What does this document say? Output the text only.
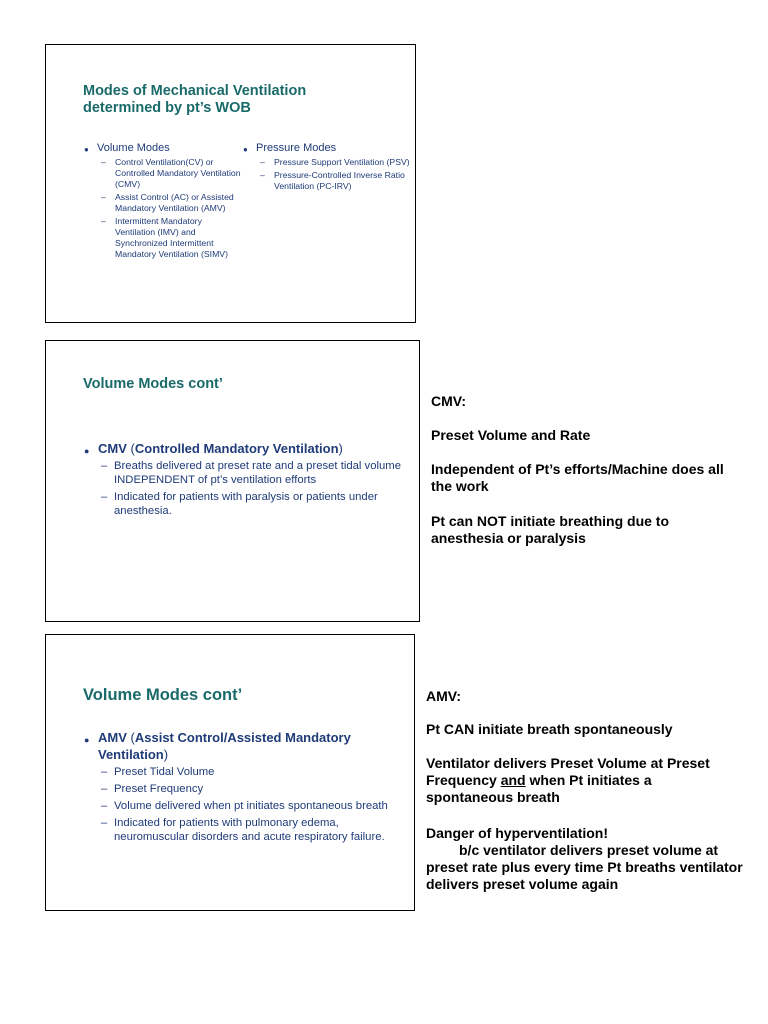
Modes of Mechanical Ventilation
determined by pt’s WOB
● Volume Modes
– Control Ventilation(CV) or Controlled Mandatory Ventilation (CMV)
– Assist Control (AC) or Assisted Mandatory Ventilation (AMV)
– Intermittent Mandatory Ventilation (IMV) and Synchronized Intermittent Mandatory Ventilation (SIMV)
● Pressure Modes
– Pressure Support Ventilation (PSV)
– Pressure-Controlled Inverse Ratio Ventilation (PC-IRV)
Volume Modes cont’
● CMV (Controlled Mandatory Ventilation)
– Breaths delivered at preset rate and a preset tidal volume INDEPENDENT of pt’s ventilation efforts
– Indicated for patients with paralysis or patients under anesthesia.
Volume Modes cont’
● AMV (Assist Control/Assisted Mandatory Ventilation)
– Preset Tidal Volume
– Preset Frequency
– Volume delivered when pt initiates spontaneous breath
– Indicated for patients with pulmonary edema, neuromuscular disorders and acute respiratory failure.
CMV:
Preset Volume and Rate
Independent of Pt’s efforts/Machine does all the work
Pt can NOT initiate breathing due to anesthesia or paralysis
AMV:
Pt CAN initiate breath spontaneously
Ventilator delivers Preset Volume at Preset Frequency and when Pt initiates a spontaneous breath
Danger of hyperventilation!
b/c ventilator delivers preset volume at preset rate plus every time Pt breaths ventilator delivers preset volume again
